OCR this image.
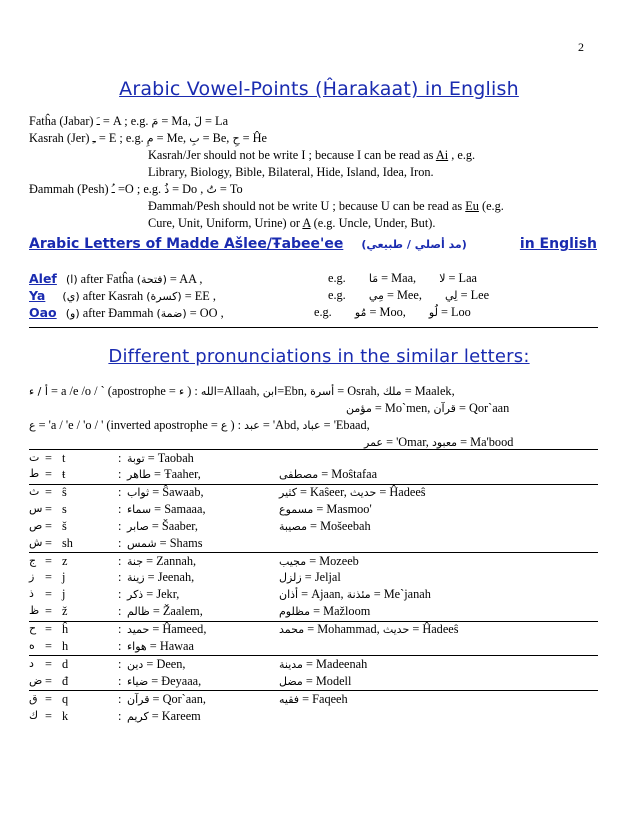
2
Arabic Vowel-Points (Ĥarakaat) in English
Fatĥa (Jabar) ـَ = A ; e.g. مَ = Ma, لَ = La
Kasrah (Jer) ـِ = E ; e.g. مِ = Me, بِ = Be, حِ = Ĥe
Kasrah/Jer should not be write I ; because I can be read as Ai , e.g.
Library, Biology, Bible, Bilateral, Hide, Island, Idea, Iron.
Đammah (Pesh) ـُ =O ; e.g. ذُ = Do , تُ = To
Đammah/Pesh should not be write U ; because U can be read as Eu (e.g.
Cure, Unit, Uniform, Urine) or A (e.g. Uncle, Under, But).
Arabic Letters of Madde Ašlee/Ŧabee'ee (مد أصلي / طبيعي)	in English
Alef (ا) after Fatĥa (فتحة) = AA ,	e.g. مَا = Maa, لا = Laa
Ya (ي) after Kasrah (كسرة) = EE ,	e.g. مِي = Mee, لِي = Lee
Oao (و) after Đammah (ضمة) = OO ,	e.g. مُو = Moo, لُو = Loo
Different pronunciations in the similar letters:
أ / ء = a /e /o / ` (apostrophe = ء ) : الله=Allaah, ابن=Ebn, أسرة = Osrah, ملك = Maalek,
مؤمن = Mo`men, قرآن = Qor`aan
ع = 'a / 'e / 'o / ' (inverted apostrophe = ع ) : عبد = 'Abd, عباد = 'Ebaad,
عمر = 'Omar, معبود = Ma'bood
ت = t	: توبة = Taobah
ط = ŧ	: طاهر = Ŧaaher,	مصطفى = Moŝtafaa
ث = ŝ	: ثواب = Ŝawaab,	كثير = Kaŝeer, حديث = Ĥadeeŝ
س = s	: سماء = Samaaa,	مسموع = Masmoo'
ص = š	: صابر = Šaaber,	مصيبة = Mošeebah
ش = sh	: شمس = Shams
ج = z	: جنة = Zannah,	مجيب = Mozeeb
ز = j	: زينة = Jeenah,	زلزل = Jeljal
ذ = j	: ذكر = Jekr,	أذان = Ajaan, مئذنة = Me`janah
ظ = ž	: ظالم = Žaalem,	مظلوم = Mažloom
ح = ĥ	: حميد = Ĥameed,	محمد = Mohammad, حديث = Ĥadeeŝ
ه = h	: هواء = Hawaa
د = d	: دين = Deen,	مدينة = Madeenah
ض = đ	: ضياء = Đeyaaa,	مضل = Modell
ق = q	: قرآن = Qor`aan,	فقيه = Faqeeh
ك = k	: كريم = Kareem
